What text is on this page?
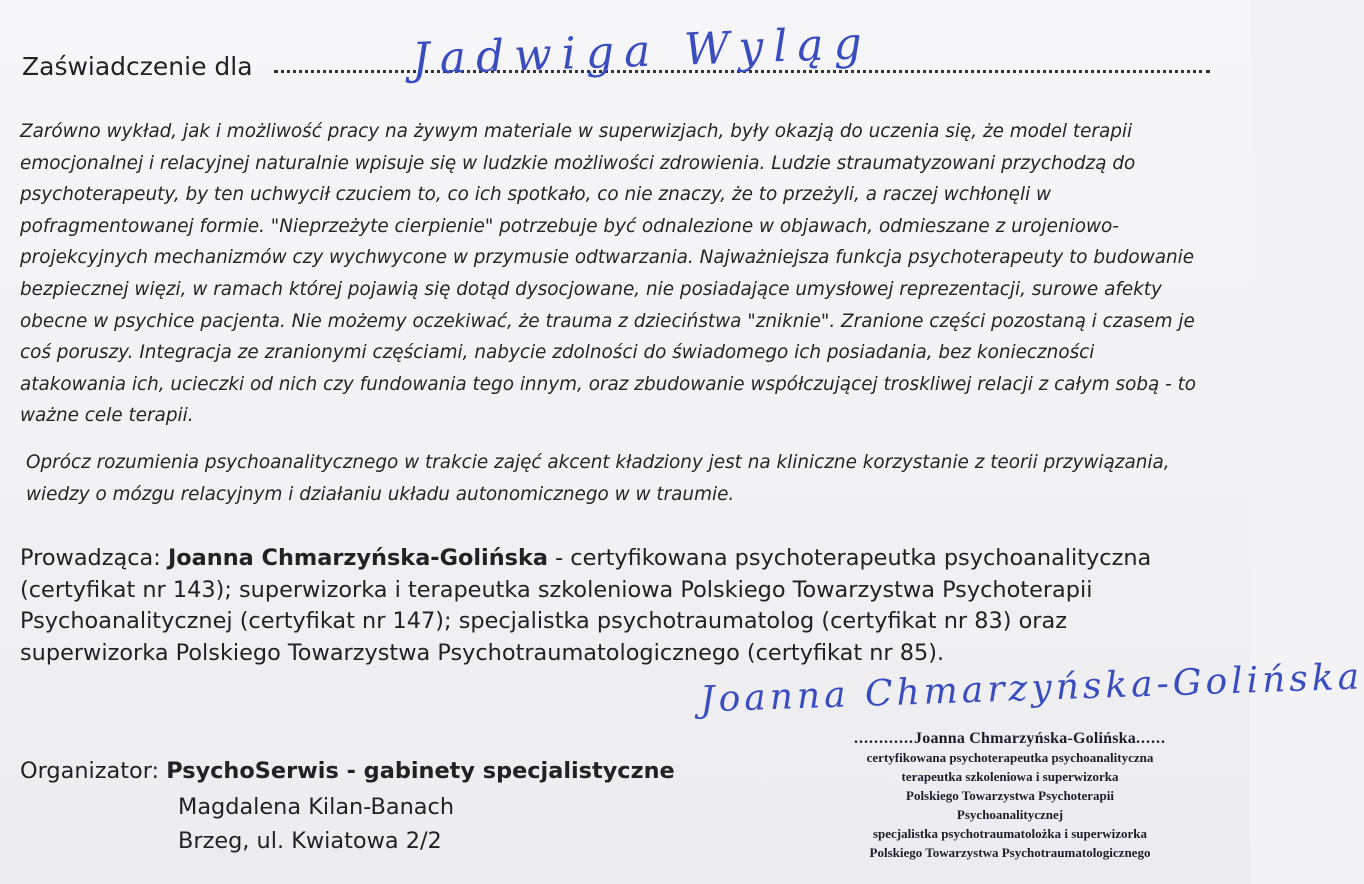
Zaświadczenie dla	Jadwiga Wyląg

Zarówno wykład, jak i możliwość pracy na żywym materiale w superwizjach, były okazją do uczenia się, że model terapii emocjonalnej i relacyjnej naturalnie wpisuje się w ludzkie możliwości zdrowienia. Ludzie straumatyzowani przychodzą do psychoterapeuty, by ten uchwycił czuciem to, co ich spotkało, co nie znaczy, że to przeżyli, a raczej wchłonęli w pofragmentowanej formie. "Nieprzeżyte cierpienie" potrzebuje być odnalezione w objawach, odmieszane z urojeniowo-projekcyjnych mechanizmów czy wychwycone w przymusie odtwarzania. Najważniejsza funkcja psychoterapeuty to budowanie bezpiecznej więzi, w ramach której pojawią się dotąd dysocjowane, nie posiadające umysłowej reprezentacji, surowe afekty obecne w psychice pacjenta. Nie możemy oczekiwać, że trauma z dzieciństwa "zniknie". Zranione części pozostaną i czasem je coś poruszy. Integracja ze zranionymi częściami, nabycie zdolności do świadomego ich posiadania, bez konieczności atakowania ich, ucieczki od nich czy fundowania tego innym, oraz zbudowanie współczującej troskliwej relacji z całym sobą - to ważne cele terapii.

Oprócz rozumienia psychoanalitycznego w trakcie zajęć akcent kładziony jest na kliniczne korzystanie z teorii przywiązania, wiedzy o mózgu relacyjnym i działaniu układu autonomicznego w w traumie.

Prowadząca: Joanna Chmarzyńska-Golińska - certyfikowana psychoterapeutka psychoanalityczna (certyfikat nr 143); superwizorka i terapeutka szkoleniowa Polskiego Towarzystwa Psychoterapii Psychoanalitycznej (certyfikat nr 147); specjalistka psychotraumatolog (certyfikat nr 83) oraz superwizorka Polskiego Towarzystwa Psychotraumatologicznego (certyfikat nr 85).

Organizator: PsychoSerwis - gabinety specjalistyczne
Magdalena Kilan-Banach
Brzeg, ul. Kwiatowa 2/2
Joanna Chmarzyńska-Golińska
............Joanna Chmarzyńska-Golińska......
certyfikowana psychoterapeutka psychoanalityczna
terapeutka szkoleniowa i superwizorka
Polskiego Towarzystwa Psychoterapii
Psychoanalitycznej
specjalistka psychotraumatolożka i superwizorka
Polskiego Towarzystwa Psychotraumatologicznego
